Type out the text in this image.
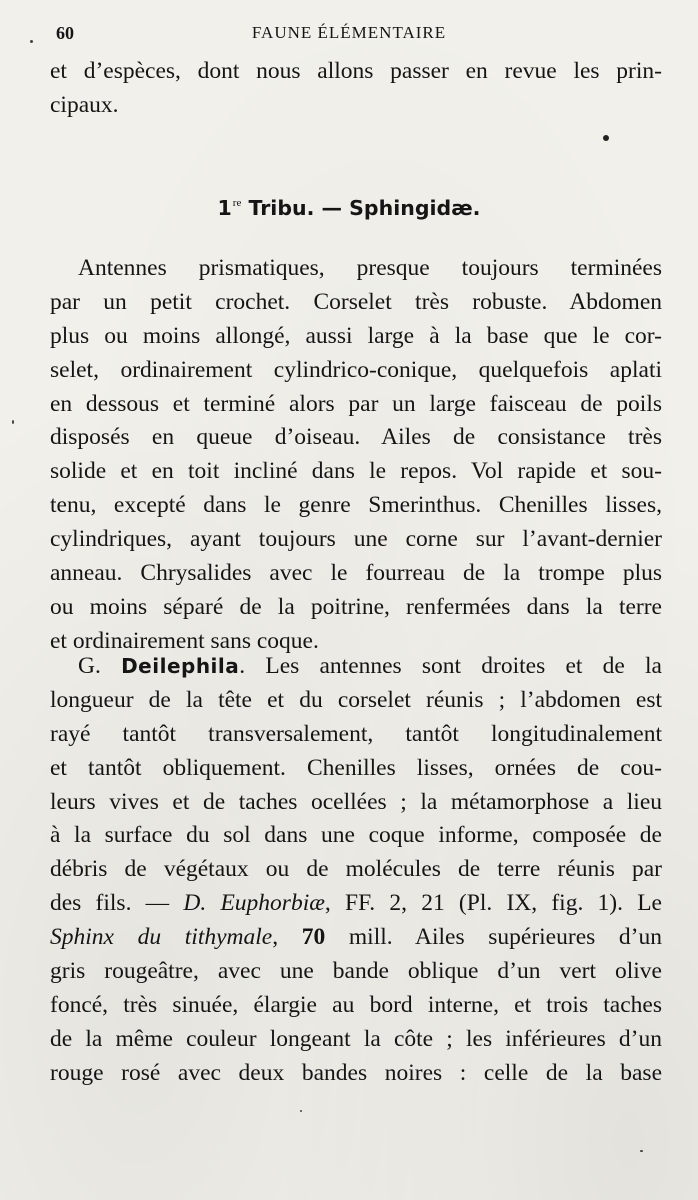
60	FAUNE ÉLÉMENTAIRE
et d’espèces, dont nous allons passer en revue les prin-
cipaux.
1re Tribu. — Sphingidæ.
Antennes prismatiques, presque toujours terminées
par un petit crochet. Corselet très robuste. Abdomen
plus ou moins allongé, aussi large à la base que le cor-
selet, ordinairement cylindrico-conique, quelquefois aplati
en dessous et terminé alors par un large faisceau de poils
disposés en queue d’oiseau. Ailes de consistance très
solide et en toit incliné dans le repos. Vol rapide et sou-
tenu, excepté dans le genre Smerinthus. Chenilles lisses,
cylindriques, ayant toujours une corne sur l’avant-dernier
anneau. Chrysalides avec le fourreau de la trompe plus
ou moins séparé de la poitrine, renfermées dans la terre
et ordinairement sans coque.
G. Deilephila. Les antennes sont droites et de la
longueur de la tête et du corselet réunis ; l’abdomen est
rayé tantôt transversalement, tantôt longitudinalement
et tantôt obliquement. Chenilles lisses, ornées de cou-
leurs vives et de taches ocellées ; la métamorphose a lieu
à la surface du sol dans une coque informe, composée de
débris de végétaux ou de molécules de terre réunis par
des fils. — D. Euphorbiæ, FF. 2, 21 (Pl. IX, fig. 1). Le
Sphinx du tithymale, 70 mill. Ailes supérieures d’un
gris rougeâtre, avec une bande oblique d’un vert olive
foncé, très sinuée, élargie au bord interne, et trois taches
de la même couleur longeant la côte ; les inférieures d’un
rouge rosé avec deux bandes noires : celle de la base
